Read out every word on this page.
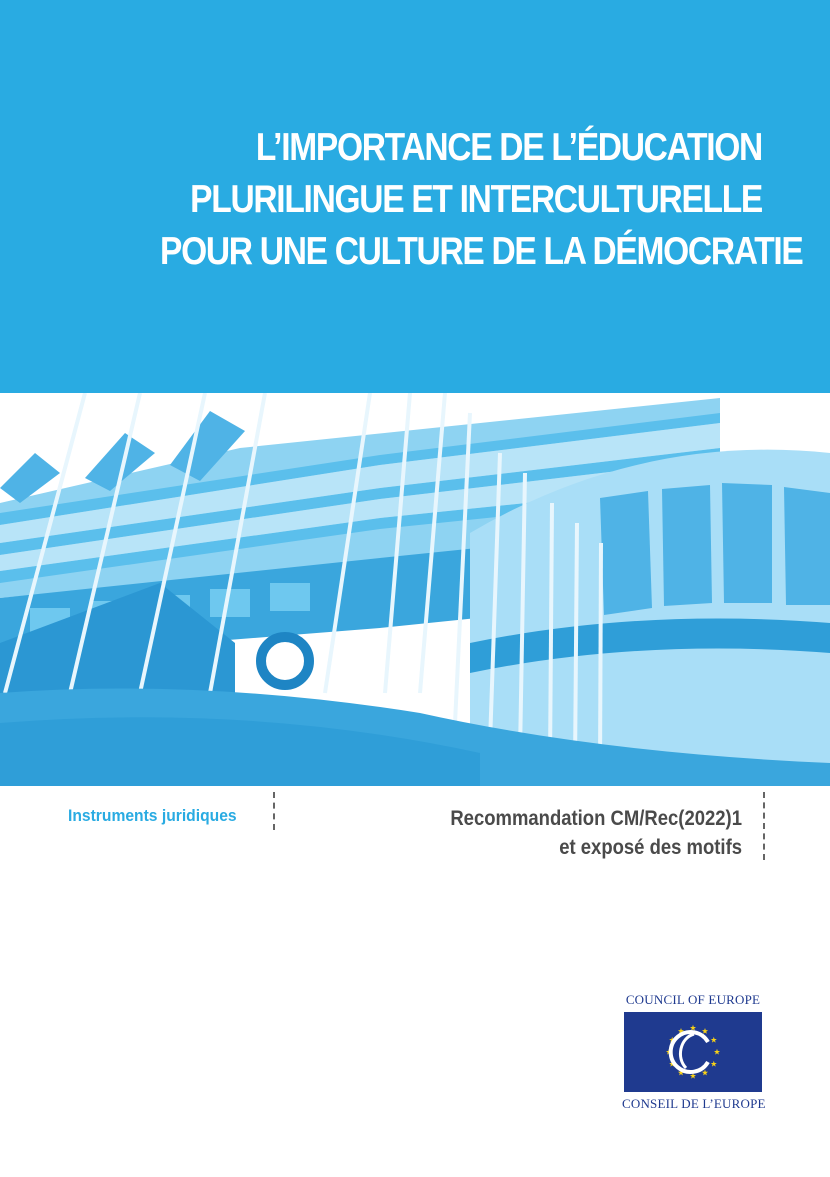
L’IMPORTANCE DE L’ÉDUCATION
PLURILINGUE ET INTERCULTURELLE
POUR UNE CULTURE DE LA DÉMOCRATIE
Instruments juridiques	Recommandation CM/Rec(2022)1
et exposé des motifs
COUNCIL OF EUROPE
CONSEIL DE L’EUROPE
